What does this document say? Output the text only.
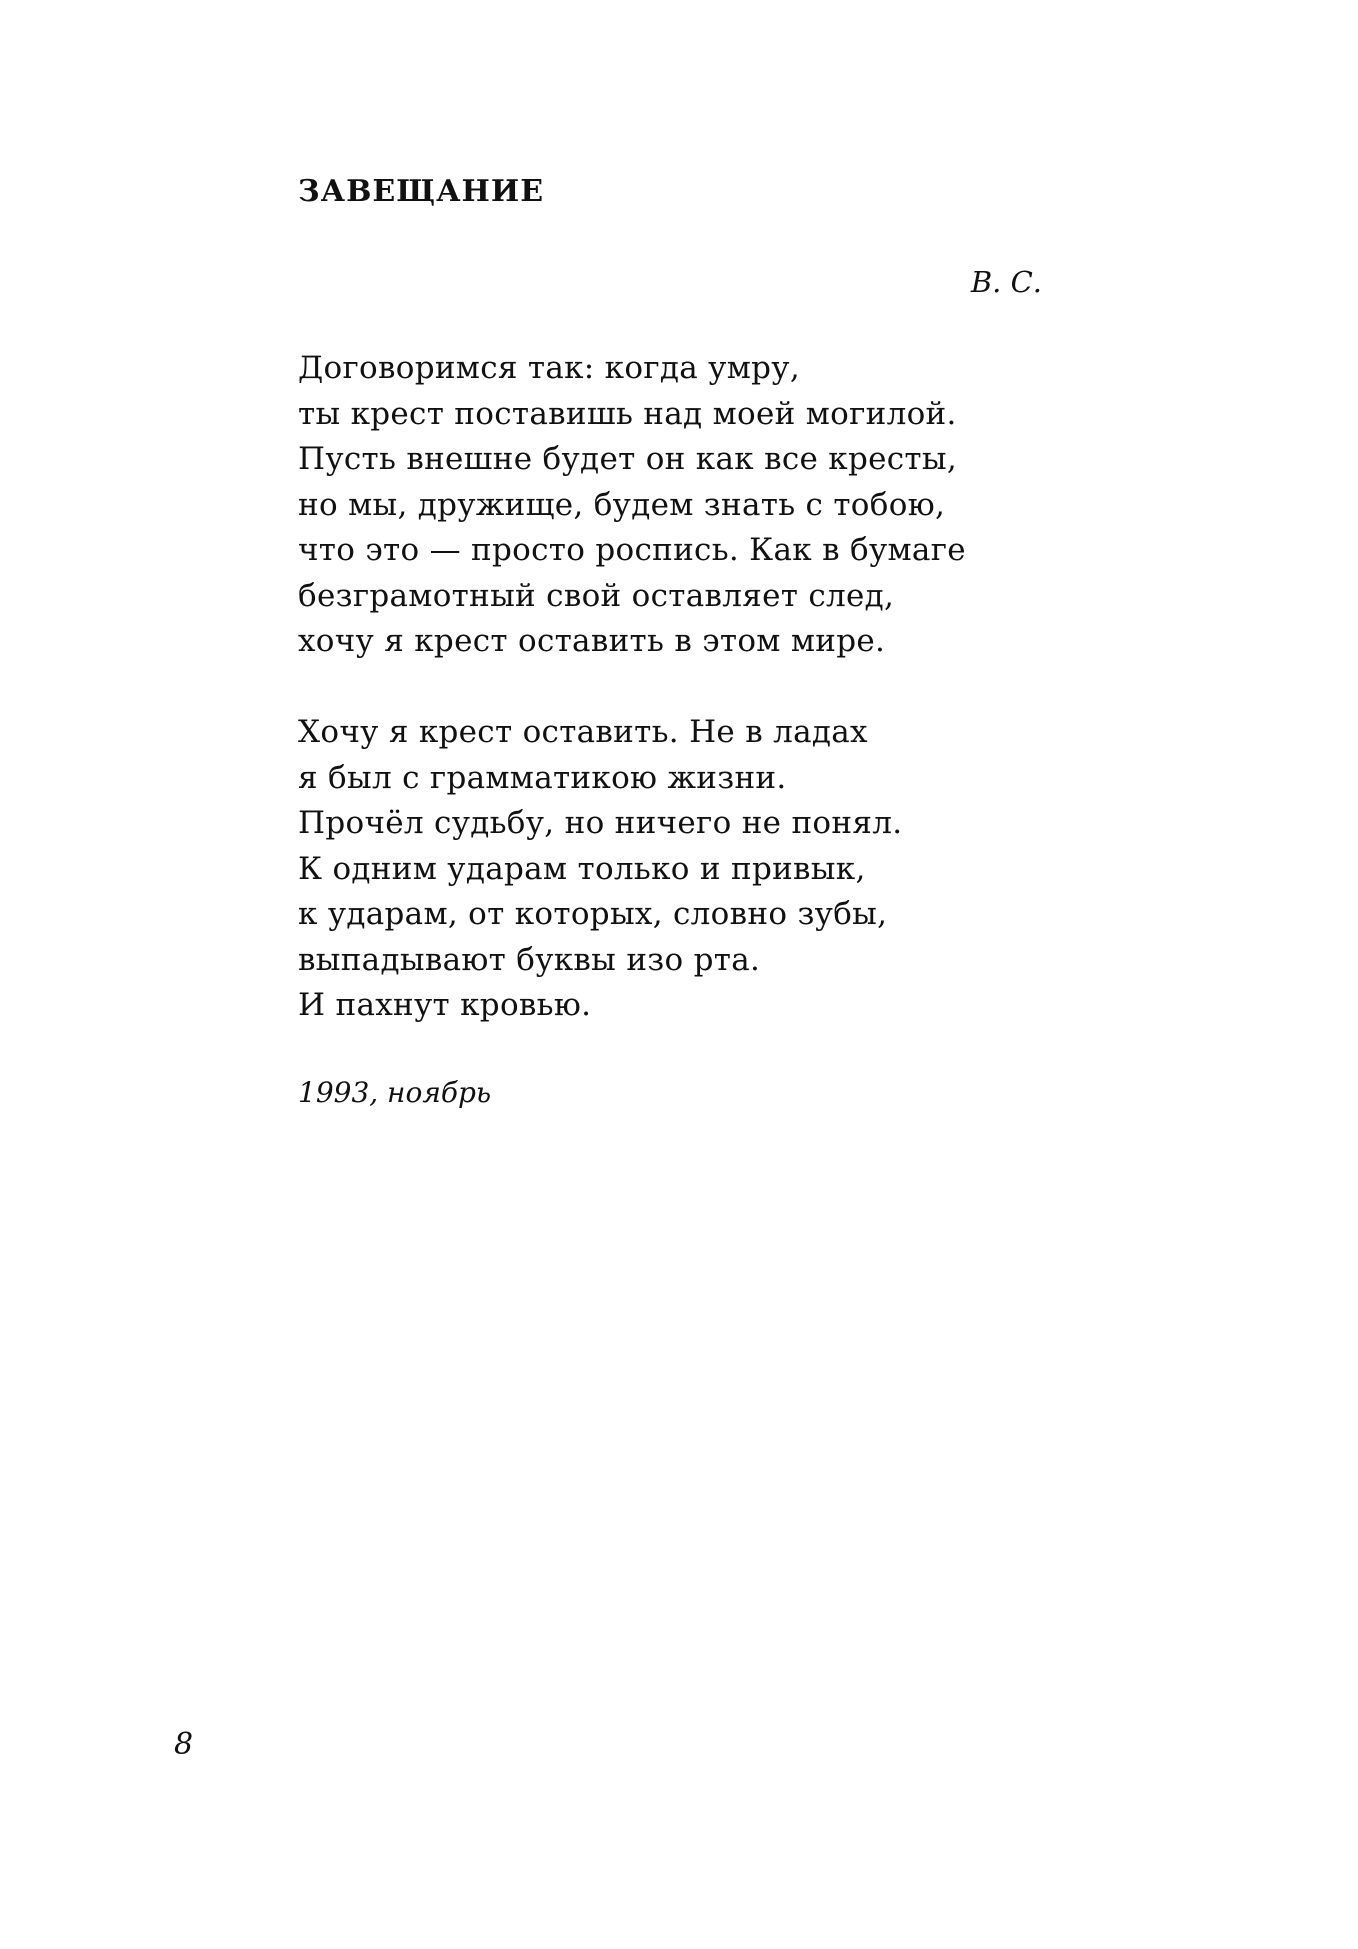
ЗАВЕЩАНИЕ
В. С.
Договоримся так: когда умру,
ты крест поставишь над моей могилой.
Пусть внешне будет он как все кресты,
но мы, дружище, будем знать с тобою,
что это — просто роспись. Как в бумаге
безграмотный свой оставляет след,
хочу я крест оставить в этом мире.
Хочу я крест оставить. Не в ладах
я был с грамматикою жизни.
Прочёл судьбу, но ничего не понял.
К одним ударам только и привык,
к ударам, от которых, словно зубы,
выпадывают буквы изо рта.
И пахнут кровью.
1993, ноябрь
8
